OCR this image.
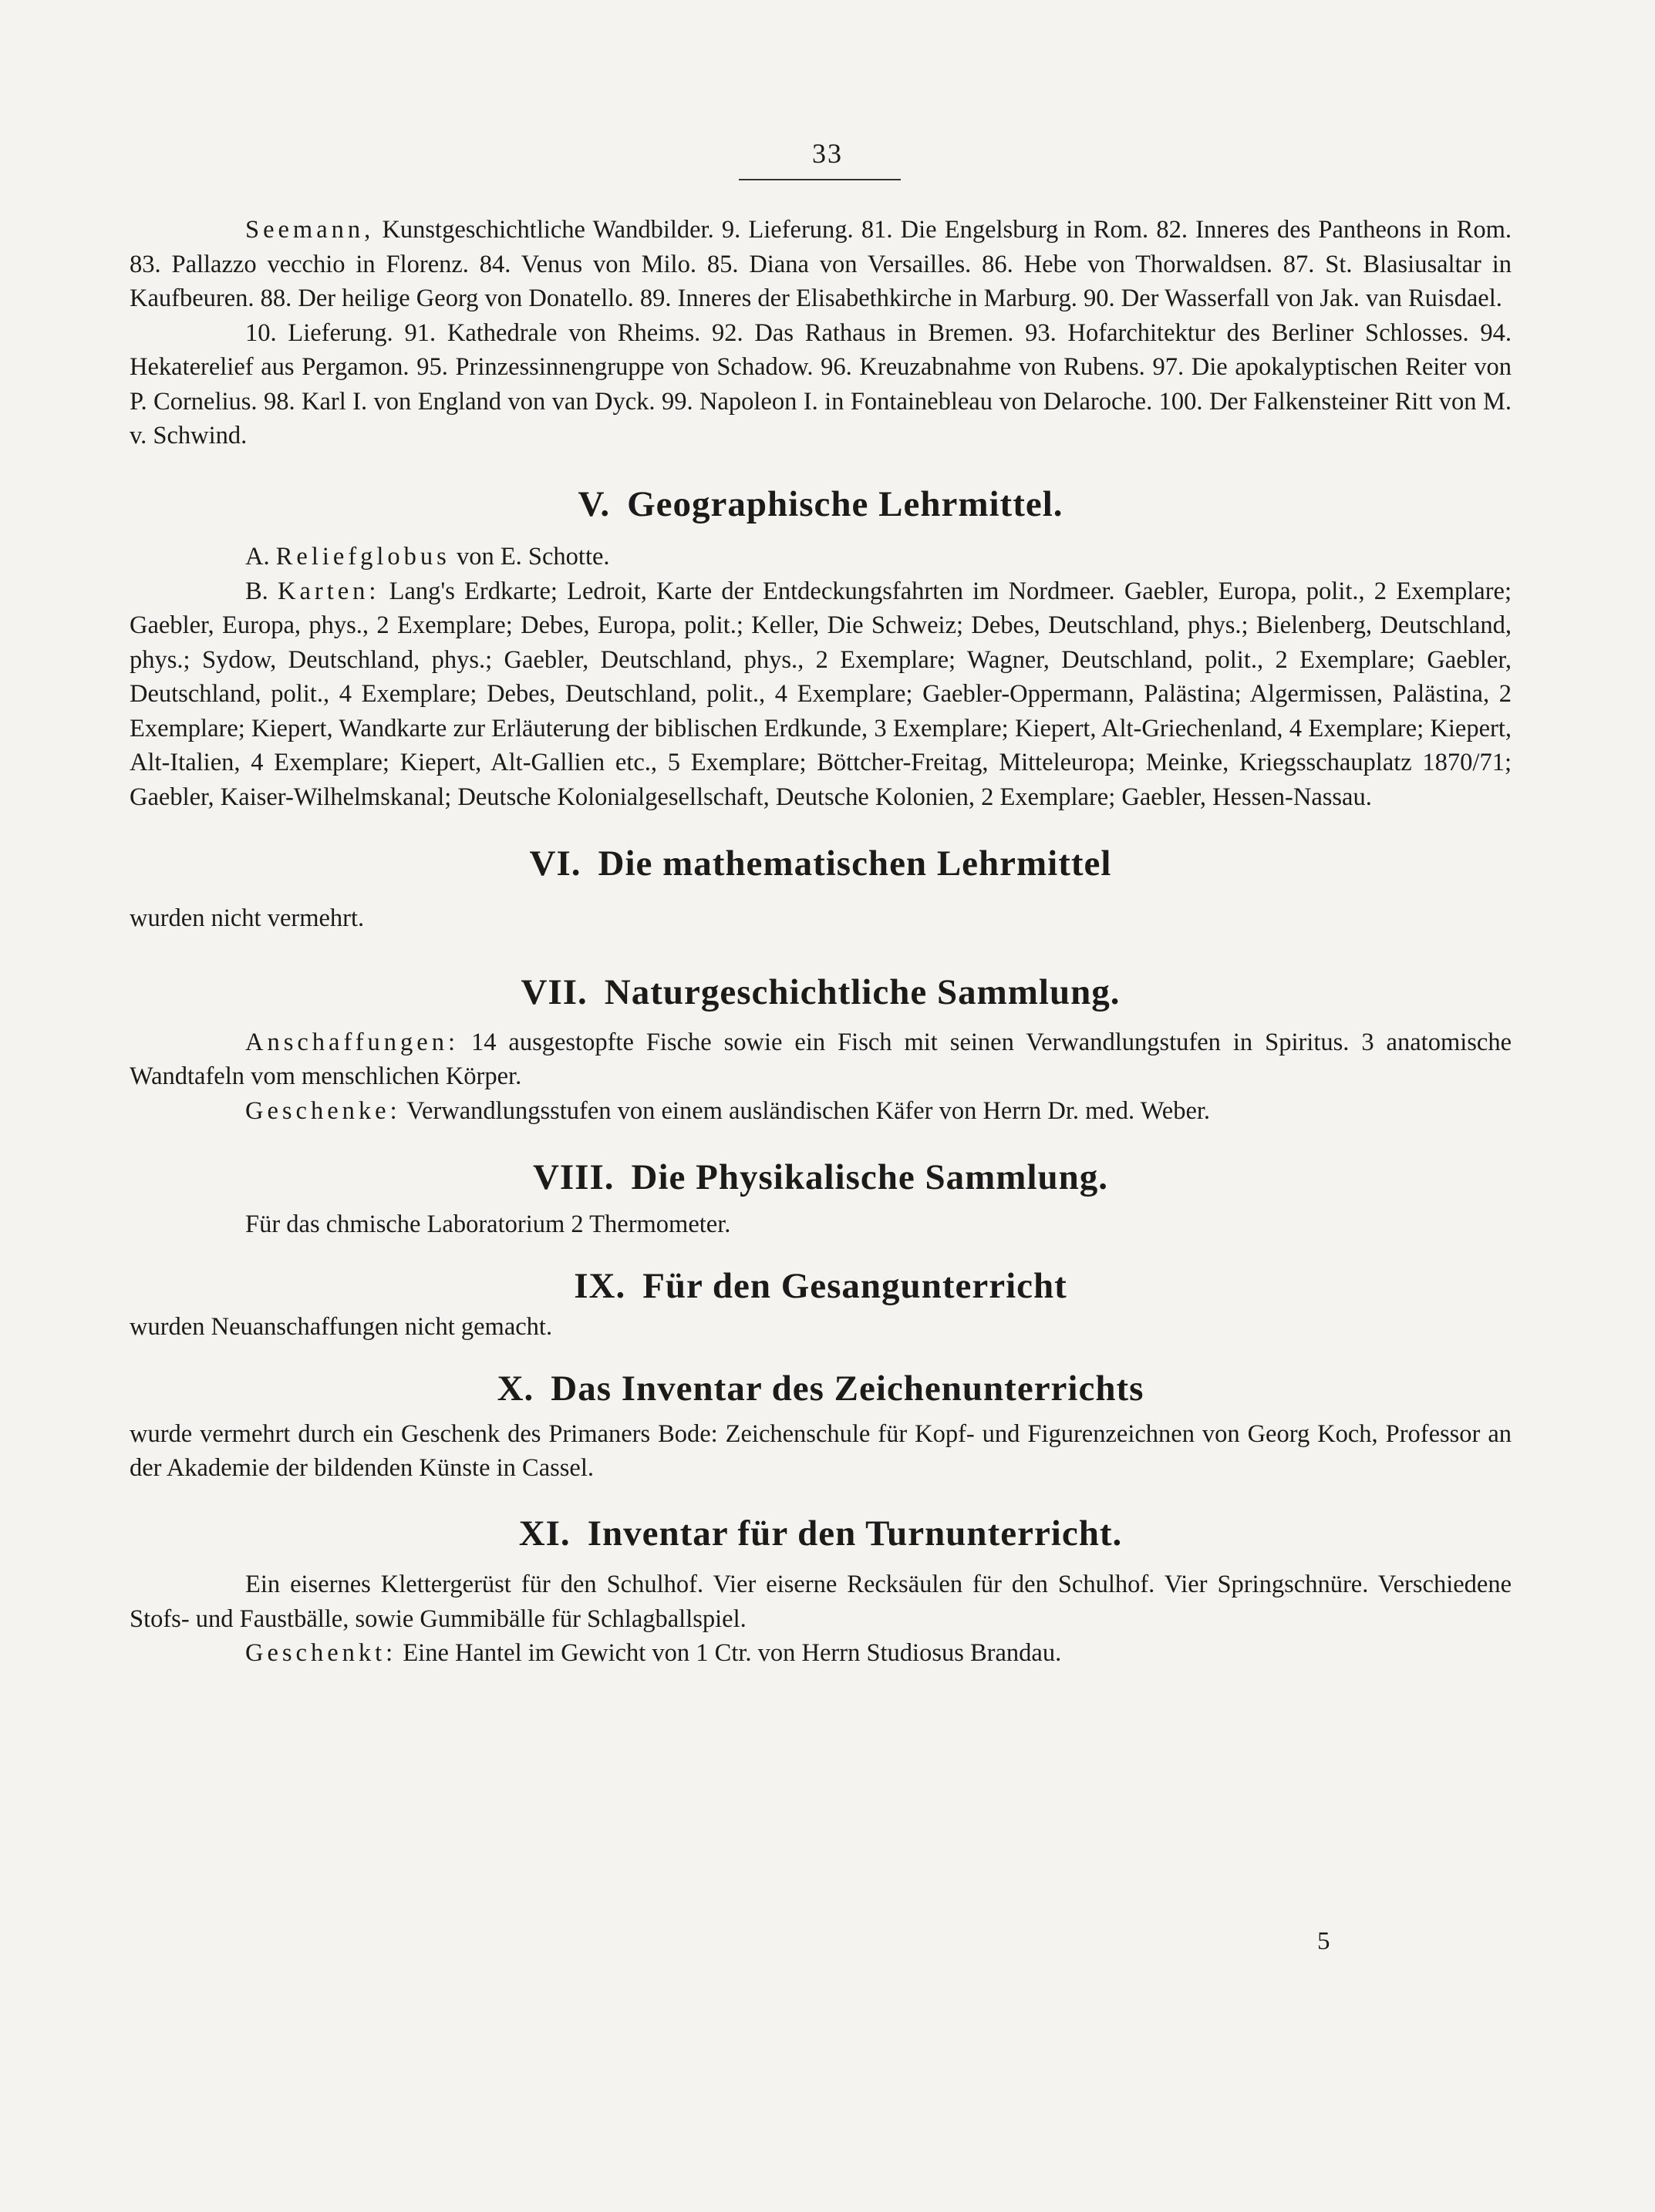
33

Seemann, Kunstgeschichtliche Wandbilder. 9. Lieferung. 81. Die Engelsburg in Rom. 82. Inneres des Pantheons in Rom. 83. Pallazzo vecchio in Florenz. 84. Venus von Milo. 85. Diana von Versailles. 86. Hebe von Thorwaldsen. 87. St. Blasiusaltar in Kaufbeuren. 88. Der heilige Georg von Donatello. 89. Inneres der Elisabethkirche in Marburg. 90. Der Wasserfall von Jak. van Ruisdael.

10. Lieferung. 91. Kathedrale von Rheims. 92. Das Rathaus in Bremen. 93. Hofarchitektur des Berliner Schlosses. 94. Hekaterelief aus Pergamon. 95. Prinzessinnengruppe von Schadow. 96. Kreuzabnahme von Rubens. 97. Die apokalyptischen Reiter von P. Cornelius. 98. Karl I. von England von van Dyck. 99. Napoleon I. in Fontainebleau von Delaroche. 100. Der Falkensteiner Ritt von M. v. Schwind.

V. Geographische Lehrmittel.

A. Reliefglobus von E. Schotte.

B. Karten: Lang's Erdkarte; Ledroit, Karte der Entdeckungsfahrten im Nordmeer. Gaebler, Europa, polit., 2 Exemplare; Gaebler, Europa, phys., 2 Exemplare; Debes, Europa, polit.; Keller, Die Schweiz; Debes, Deutschland, phys.; Bielenberg, Deutschland, phys.; Sydow, Deutschland, phys.; Gaebler, Deutschland, phys., 2 Exemplare; Wagner, Deutschland, polit., 2 Exemplare; Gaebler, Deutschland, polit., 4 Exemplare; Debes, Deutschland, polit., 4 Exemplare; Gaebler-Oppermann, Palästina; Algermissen, Palästina, 2 Exemplare; Kiepert, Wandkarte zur Erläuterung der biblischen Erdkunde, 3 Exemplare; Kiepert, Alt-Griechenland, 4 Exemplare; Kiepert, Alt-Italien, 4 Exemplare; Kiepert, Alt-Gallien etc., 5 Exemplare; Böttcher-Freitag, Mitteleuropa; Meinke, Kriegsschauplatz 1870/71; Gaebler, Kaiser-Wilhelmskanal; Deutsche Kolonialgesellschaft, Deutsche Kolonien, 2 Exemplare; Gaebler, Hessen-Nassau.

VI. Die mathematischen Lehrmittel

wurden nicht vermehrt.

VII. Naturgeschichtliche Sammlung.

Anschaffungen: 14 ausgestopfte Fische sowie ein Fisch mit seinen Verwandlungstufen in Spiritus. 3 anatomische Wandtafeln vom menschlichen Körper.

Geschenke: Verwandlungsstufen von einem ausländischen Käfer von Herrn Dr. med. Weber.

VIII. Die Physikalische Sammlung.

Für das chmische Laboratorium 2 Thermometer.

IX. Für den Gesangunterricht

wurden Neuanschaffungen nicht gemacht.

X. Das Inventar des Zeichenunterrichts

wurde vermehrt durch ein Geschenk des Primaners Bode: Zeichenschule für Kopf- und Figurenzeichnen von Georg Koch, Professor an der Akademie der bildenden Künste in Cassel.

XI. Inventar für den Turnunterricht.

Ein eisernes Klettergerüst für den Schulhof. Vier eiserne Recksäulen für den Schulhof. Vier Springschnüre. Verschiedene Stofs- und Faustbälle, sowie Gummibälle für Schlagballspiel.

Geschenkt: Eine Hantel im Gewicht von 1 Ctr. von Herrn Studiosus Brandau.

5
